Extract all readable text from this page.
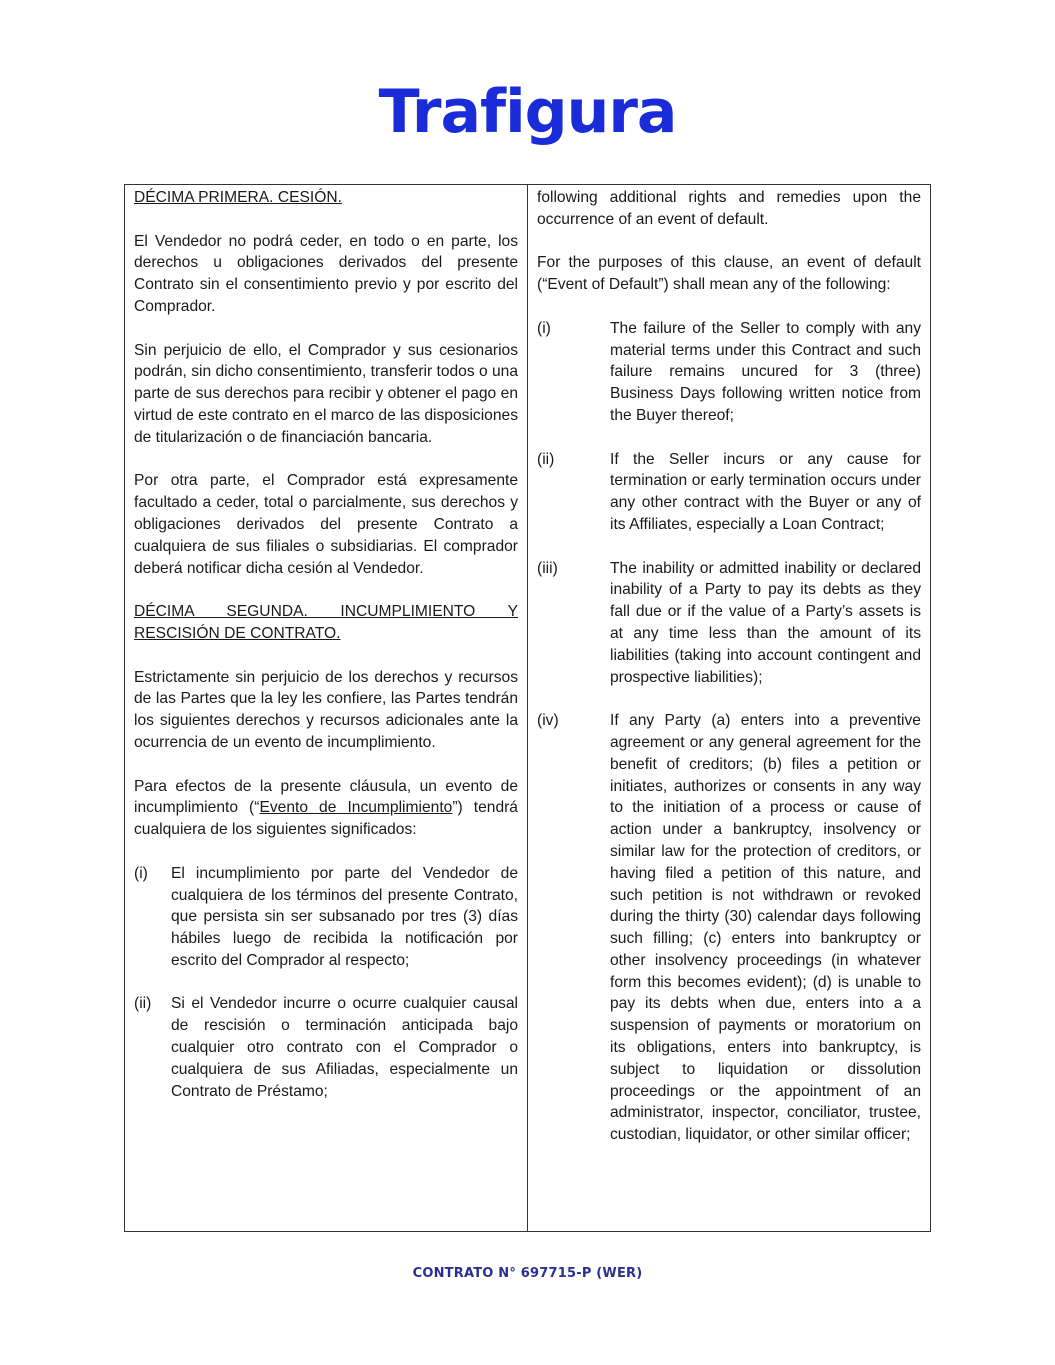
Trafigura

DÉCIMA PRIMERA. CESIÓN.

El Vendedor no podrá ceder, en todo o en parte, los derechos u obligaciones derivados del presente Contrato sin el consentimiento previo y por escrito del Comprador.

Sin perjuicio de ello, el Comprador y sus cesionarios podrán, sin dicho consentimiento, transferir todos o una parte de sus derechos para recibir y obtener el pago en virtud de este contrato en el marco de las disposiciones de titularización o de financiación bancaria.

Por otra parte, el Comprador está expresamente facultado a ceder, total o parcialmente, sus derechos y obligaciones derivados del presente Contrato a cualquiera de sus filiales o subsidiarias. El comprador deberá notificar dicha cesión al Vendedor.

DÉCIMA SEGUNDA. INCUMPLIMIENTO Y RESCISIÓN DE CONTRATO.

Estrictamente sin perjuicio de los derechos y recursos de las Partes que la ley les confiere, las Partes tendrán los siguientes derechos y recursos adicionales ante la ocurrencia de un evento de incumplimiento.

Para efectos de la presente cláusula, un evento de incumplimiento (“Evento de Incumplimiento”) tendrá cualquiera de los siguientes significados:

(i)	El incumplimiento por parte del Vendedor de cualquiera de los términos del presente Contrato, que persista sin ser subsanado por tres (3) días hábiles luego de recibida la notificación por escrito del Comprador al respecto;
(ii)	Si el Vendedor incurre o ocurre cualquier causal de rescisión o terminación anticipada bajo cualquier otro contrato con el Comprador o cualquiera de sus Afiliadas, especialmente un Contrato de Préstamo;

following additional rights and remedies upon the occurrence of an event of default.

For the purposes of this clause, an event of default (“Event of Default”) shall mean any of the following:

(i)	The failure of the Seller to comply with any material terms under this Contract and such failure remains uncured for 3 (three) Business Days following written notice from the Buyer thereof;
(ii)	If the Seller incurs or any cause for termination or early termination occurs under any other contract with the Buyer or any of its Affiliates, especially a Loan Contract;
(iii)	The inability or admitted inability or declared inability of a Party to pay its debts as they fall due or if the value of a Party’s assets is at any time less than the amount of its liabilities (taking into account contingent and prospective liabilities);
(iv)	If any Party (a) enters into a preventive agreement or any general agreement for the benefit of creditors; (b) files a petition or initiates, authorizes or consents in any way to the initiation of a process or cause of action under a bankruptcy, insolvency or similar law for the protection of creditors, or having filed a petition of this nature, and such petition is not withdrawn or revoked during the thirty (30) calendar days following such filling; (c) enters into bankruptcy or other insolvency proceedings (in whatever form this becomes evident); (d) is unable to pay its debts when due, enters into a a suspension of payments or moratorium on its obligations, enters into bankruptcy, is subject to liquidation or dissolution proceedings or the appointment of an administrator, inspector, conciliator, trustee, custodian, liquidator, or other similar officer;
CONTRATO N° 697715-P (WER)
